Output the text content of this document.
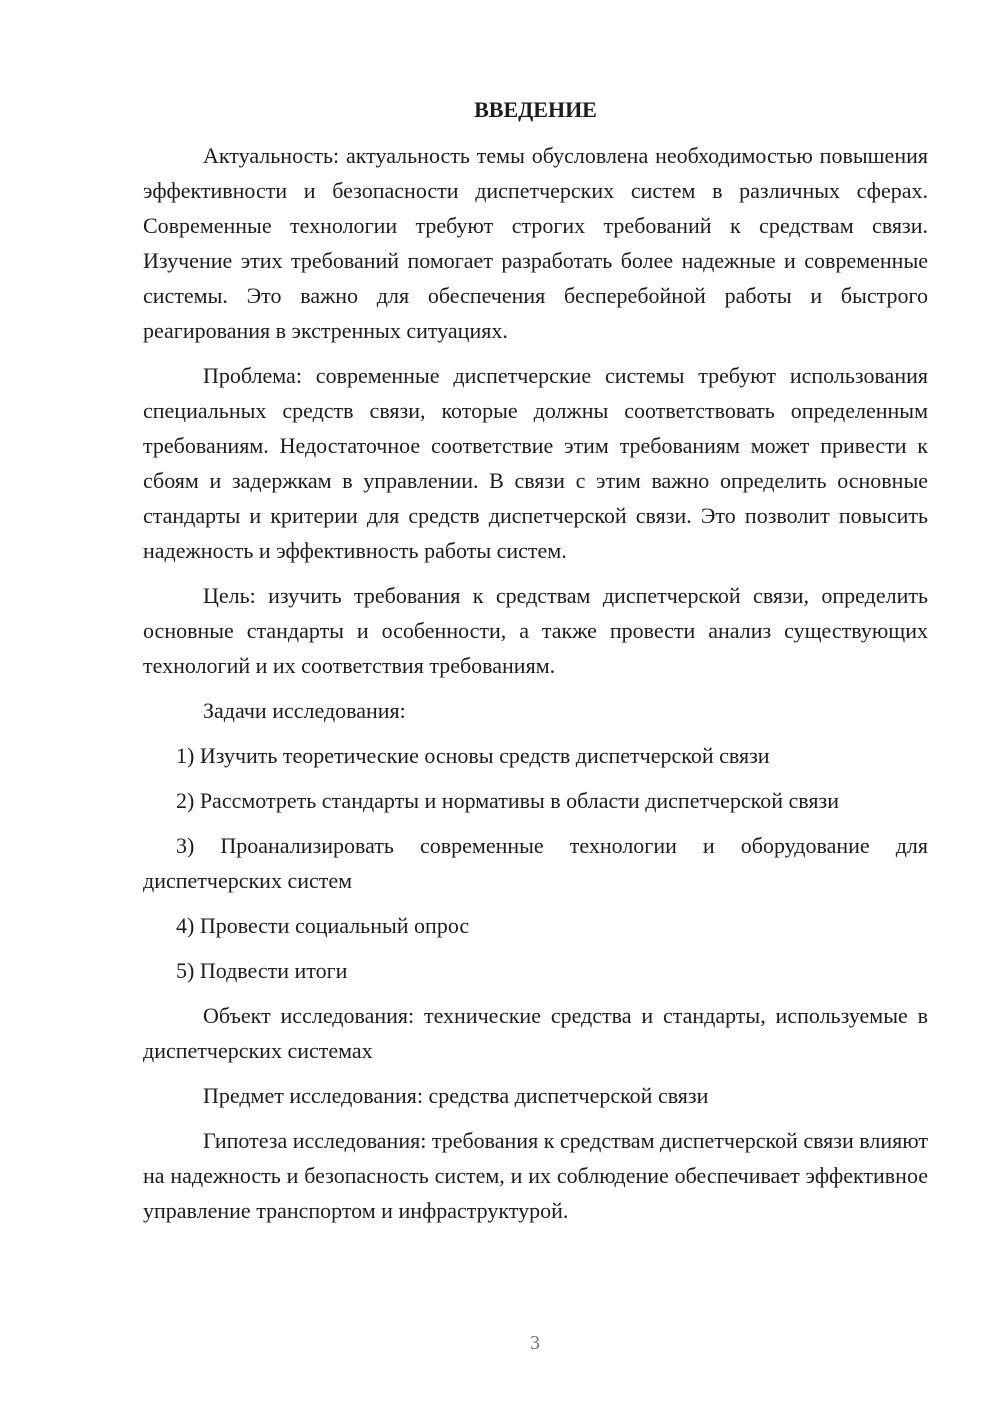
ВВЕДЕНИЕ

Актуальность: актуальность темы обусловлена необходимостью повышения эффективности и безопасности диспетчерских систем в различных сферах. Современные технологии требуют строгих требований к средствам связи. Изучение этих требований помогает разработать более надежные и современные системы. Это важно для обеспечения бесперебойной работы и быстрого реагирования в экстренных ситуациях.

Проблема: современные диспетчерские системы требуют использования специальных средств связи, которые должны соответствовать определенным требованиям. Недостаточное соответствие этим требованиям может привести к сбоям и задержкам в управлении. В связи с этим важно определить основные стандарты и критерии для средств диспетчерской связи. Это позволит повысить надежность и эффективность работы систем.

Цель: изучить требования к средствам диспетчерской связи, определить основные стандарты и особенности, а также провести анализ существующих технологий и их соответствия требованиям.

Задачи исследования:

1) Изучить теоретические основы средств диспетчерской связи

2) Рассмотреть стандарты и нормативы в области диспетчерской связи

3) Проанализировать современные технологии и оборудование для диспетчерских систем

4) Провести социальный опрос

5) Подвести итоги

Объект исследования: технические средства и стандарты, используемые в диспетчерских системах

Предмет исследования: средства диспетчерской связи

Гипотеза исследования: требования к средствам диспетчерской связи влияют на надежность и безопасность систем, и их соблюдение обеспечивает эффективное управление транспортом и инфраструктурой.

3
